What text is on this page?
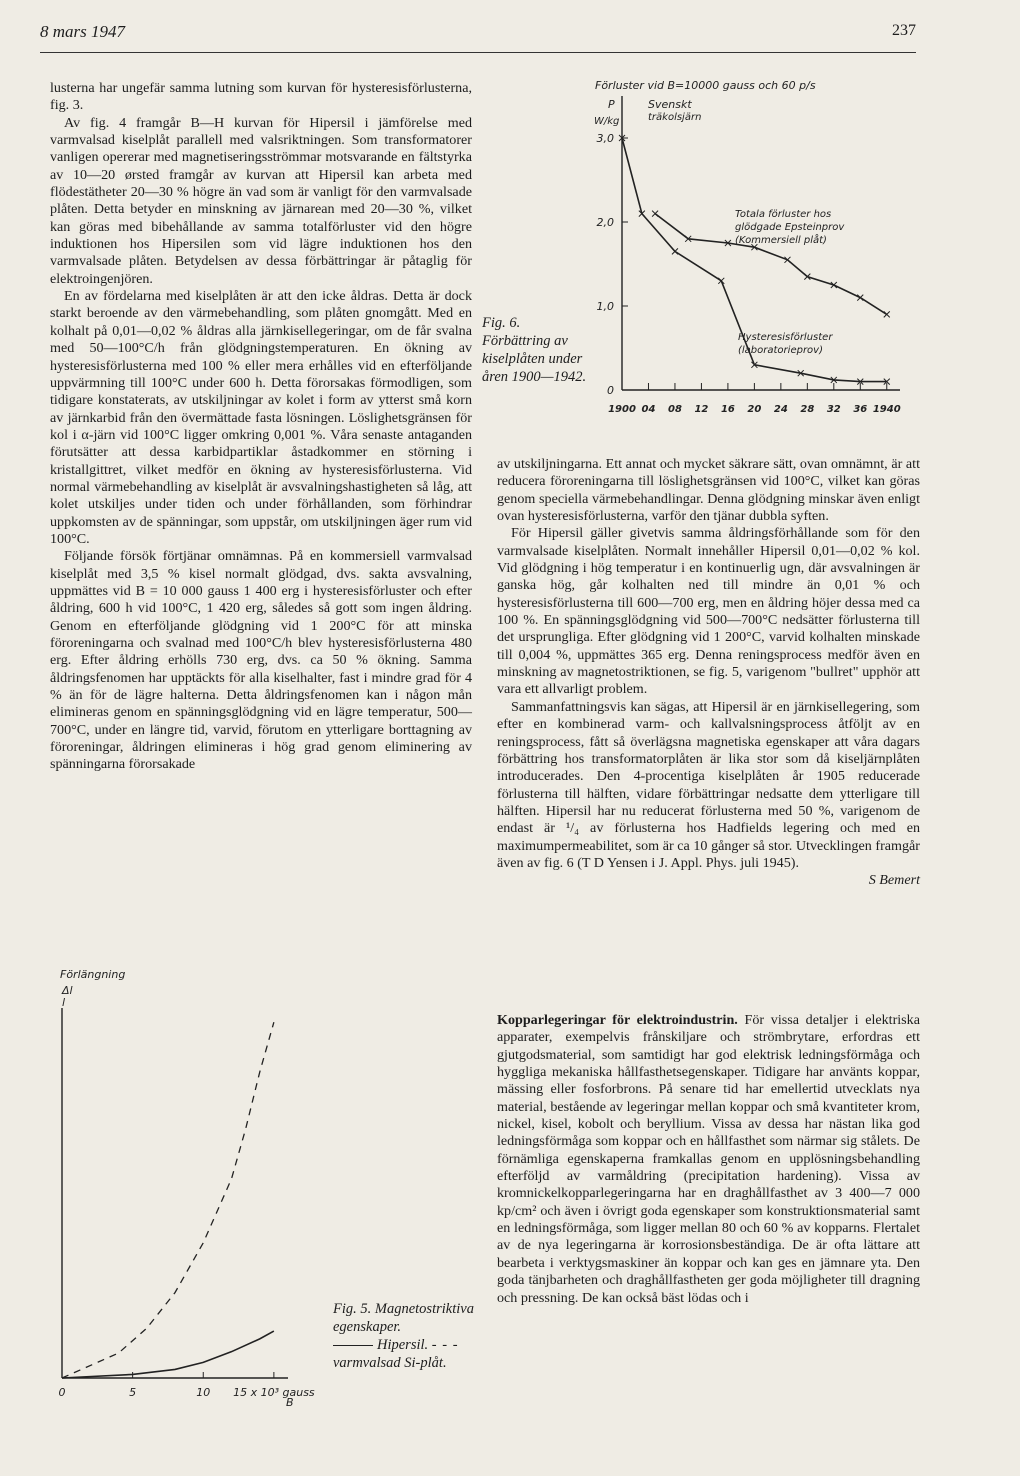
8 mars 1947	237

lusterna har ungefär samma lutning som kurvan för hysteresisförlusterna, fig. 3.

Av fig. 4 framgår B—H kurvan för Hipersil i jämförelse med varmvalsad kiselplåt parallell med valsriktningen. Som transformatorer vanligen opererar med magnetiseringsströmmar motsvarande en fältstyrka av 10—20 ørsted framgår av kurvan att Hipersil kan arbeta med flödestätheter 20—30 % högre än vad som är vanligt för den varmvalsade plåten. Detta betyder en minskning av järnarean med 20—30 %, vilket kan göras med bibehållande av samma totalförluster vid den högre induktionen hos Hipersilen som vid lägre induktionen hos den varmvalsade plåten. Betydelsen av dessa förbättringar är påtaglig för elektroingenjören.

En av fördelarna med kiselplåten är att den icke åldras. Detta är dock starkt beroende av den värmebehandling, som plåten gnomgått. Med en kolhalt på 0,01—0,02 % åldras alla järnkisellegeringar, om de får svalna med 50—100°C/h från glödgningstemperaturen. En ökning av hysteresisförlusterna med 100 % eller mera erhålles vid en efterföljande uppvärmning till 100°C under 600 h. Detta förorsakas förmodligen, som tidigare konstaterats, av utskiljningar av kolet i form av ytterst små korn av järnkarbid från den övermättade fasta lösningen. Löslighetsgränsen för kol i α-järn vid 100°C ligger omkring 0,001 %. Våra senaste antaganden förutsätter att dessa karbidpartiklar åstadkommer en störning i kristallgittret, vilket medför en ökning av hysteresisförlusterna. Vid normal värmebehandling av kiselplåt är avsvalningshastigheten så låg, att kolet utskiljes under tiden och under förhållanden, som förhindrar uppkomsten av de spänningar, som uppstår, om utskiljningen äger rum vid 100°C.

Följande försök förtjänar omnämnas. På en kommersiell varmvalsad kiselplåt med 3,5 % kisel normalt glödgad, dvs. sakta avsvalning, uppmättes vid B = 10 000 gauss 1 400 erg i hysteresisförluster och efter åldring, 600 h vid 100°C, 1 420 erg, således så gott som ingen åldring. Genom en efterföljande glödgning vid 1 200°C för att minska föroreningarna och svalnad med 100°C/h blev hysteresisförlusterna 480 erg. Efter åldring erhölls 730 erg, dvs. ca 50 % ökning. Samma åldringsfenomen har upptäckts för alla kiselhalter, fast i mindre grad för 4 % än för de lägre halterna. Detta åldringsfenomen kan i någon mån elimineras genom en spänningsglödgning vid en lägre temperatur, 500—700°C, under en längre tid, varvid, förutom en ytterligare borttagning av föroreningar, åldringen elimineras i hög grad genom eliminering av spänningarna förorsakade

Förluster vid B=10000 gauss och 60 p/s
P
W/kg
Svenskt
träkolsjärn
Totala förluster hos
glödgade Epsteinprov
(Kommersiell plåt)
Hysteresisförluster
(laboratorieprov)
3,0
2,0
1,0
0
1900 04 08 12 16 20 24 28 32 36 1940
Fig. 6. Förbättring av kiselplåten under åren 1900—1942.

av utskiljningarna. Ett annat och mycket säkrare sätt, ovan omnämnt, är att reducera föroreningarna till löslighetsgränsen vid 100°C, vilket kan göras genom speciella värmebehandlingar. Denna glödgning minskar även enligt ovan hysteresisförlusterna, varför den tjänar dubbla syften.

För Hipersil gäller givetvis samma åldringsförhållande som för den varmvalsade kiselplåten. Normalt innehåller Hipersil 0,01—0,02 % kol. Vid glödgning i hög temperatur i en kontinuerlig ugn, där avsvalningen är ganska hög, går kolhalten ned till mindre än 0,01 % och hysteresisförlusterna till 600—700 erg, men en åldring höjer dessa med ca 100 %. En spänningsglödgning vid 500—700°C nedsätter förlusterna till det ursprungliga. Efter glödgning vid 1 200°C, varvid kolhalten minskade till 0,004 %, uppmättes 365 erg. Denna reningsprocess medför även en minskning av magnetostriktionen, se fig. 5, varigenom "bullret" upphör att vara ett allvarligt problem.

Sammanfattningsvis kan sägas, att Hipersil är en järnkisellegering, som efter en kombinerad varm- och kallvalsningsprocess åtföljt av en reningsprocess, fått så överlägsna magnetiska egenskaper att våra dagars förbättring hos transformatorplåten är lika stor som då kiseljärnplåten introducerades. Den 4-procentiga kiselplåten år 1905 reducerade förlusterna till hälften, vidare förbättringar nedsatte dem ytterligare till hälften. Hipersil har nu reducerat förlusterna med 50 %, varigenom de endast är ¹/₄ av förlusterna hos Hadfields legering och med en maximumpermeabilitet, som är ca 10 gånger så stor. Utvecklingen framgår även av fig. 6 (T D Yensen i J. Appl. Phys. juli 1945).

S Bemert

Kopparlegeringar för elektroindustrin. För vissa detaljer i elektriska apparater, exempelvis frånskiljare och strömbrytare, erfordras ett gjutgodsmaterial, som samtidigt har god elektrisk ledningsförmåga och hyggliga mekaniska hållfasthetsegenskaper. Tidigare har använts koppar, mässing eller fosforbrons. På senare tid har emellertid utvecklats nya material, bestående av legeringar mellan koppar och små kvantiteter krom, nickel, kisel, kobolt och beryllium. Vissa av dessa har nästan lika god ledningsförmåga som koppar och en hållfasthet som närmar sig stålets. De förnämliga egenskaperna framkallas genom en upplösningsbehandling efterföljd av varmåldring (precipitation hardening). Vissa av kromnickelkopparlegeringarna har en draghållfasthet av 3 400—7 000 kp/cm² och även i övrigt goda egenskaper som konstruktionsmaterial samt en ledningsförmåga, som ligger mellan 80 och 60 % av kopparns. Flertalet av de nya legeringarna är korrosionsbeständiga. De är ofta lättare att bearbeta i verktygsmaskiner än koppar och kan ges en jämnare yta. Den goda tänjbarheten och draghållfastheten ger goda möjligheter till dragning och pressning. De kan också bäst lödas och i

Förlängning
Δl
l
B
0	5	10 15 x 10³ gauss
Fig. 5. Magnetostriktiva egenskaper.
Hipersil. - - -
varmvalsad Si-plåt.
